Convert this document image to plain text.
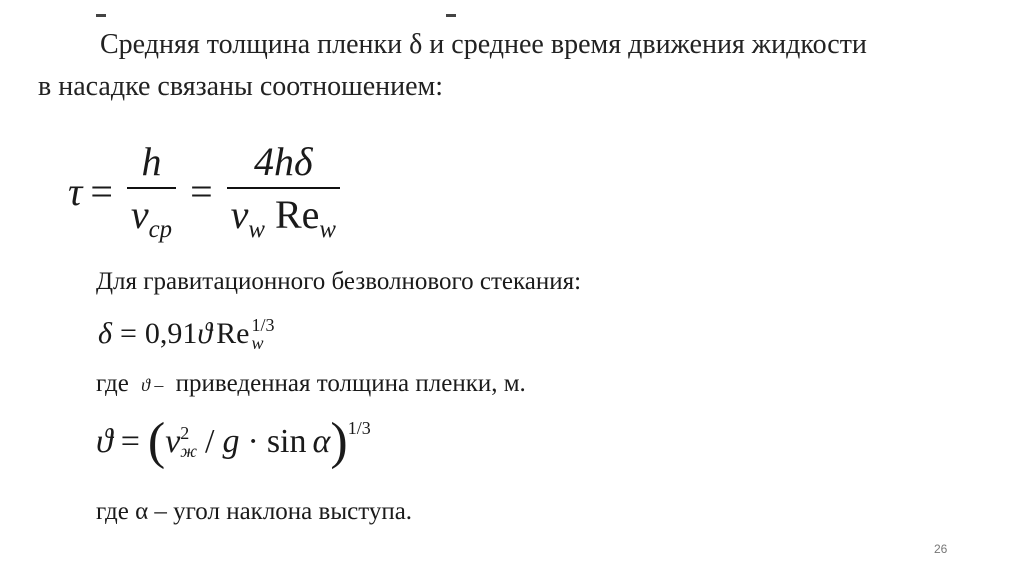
Средняя толщина пленки δ и среднее время движения жидкости
в насадке связаны соотношением:
$\tau = \frac{h}{v_{ср}} = \frac{4h\delta}{\nu_w Re_w}$
Для гравитационного безволнового стекания:
δ = 0,91 ϑ Re 1/3
w
где ϑ – приведенная толщина пленки, м.
ϑ = ( ν 2
ж / g · sin α ) 1/3
где α – угол наклона выступа.
26
